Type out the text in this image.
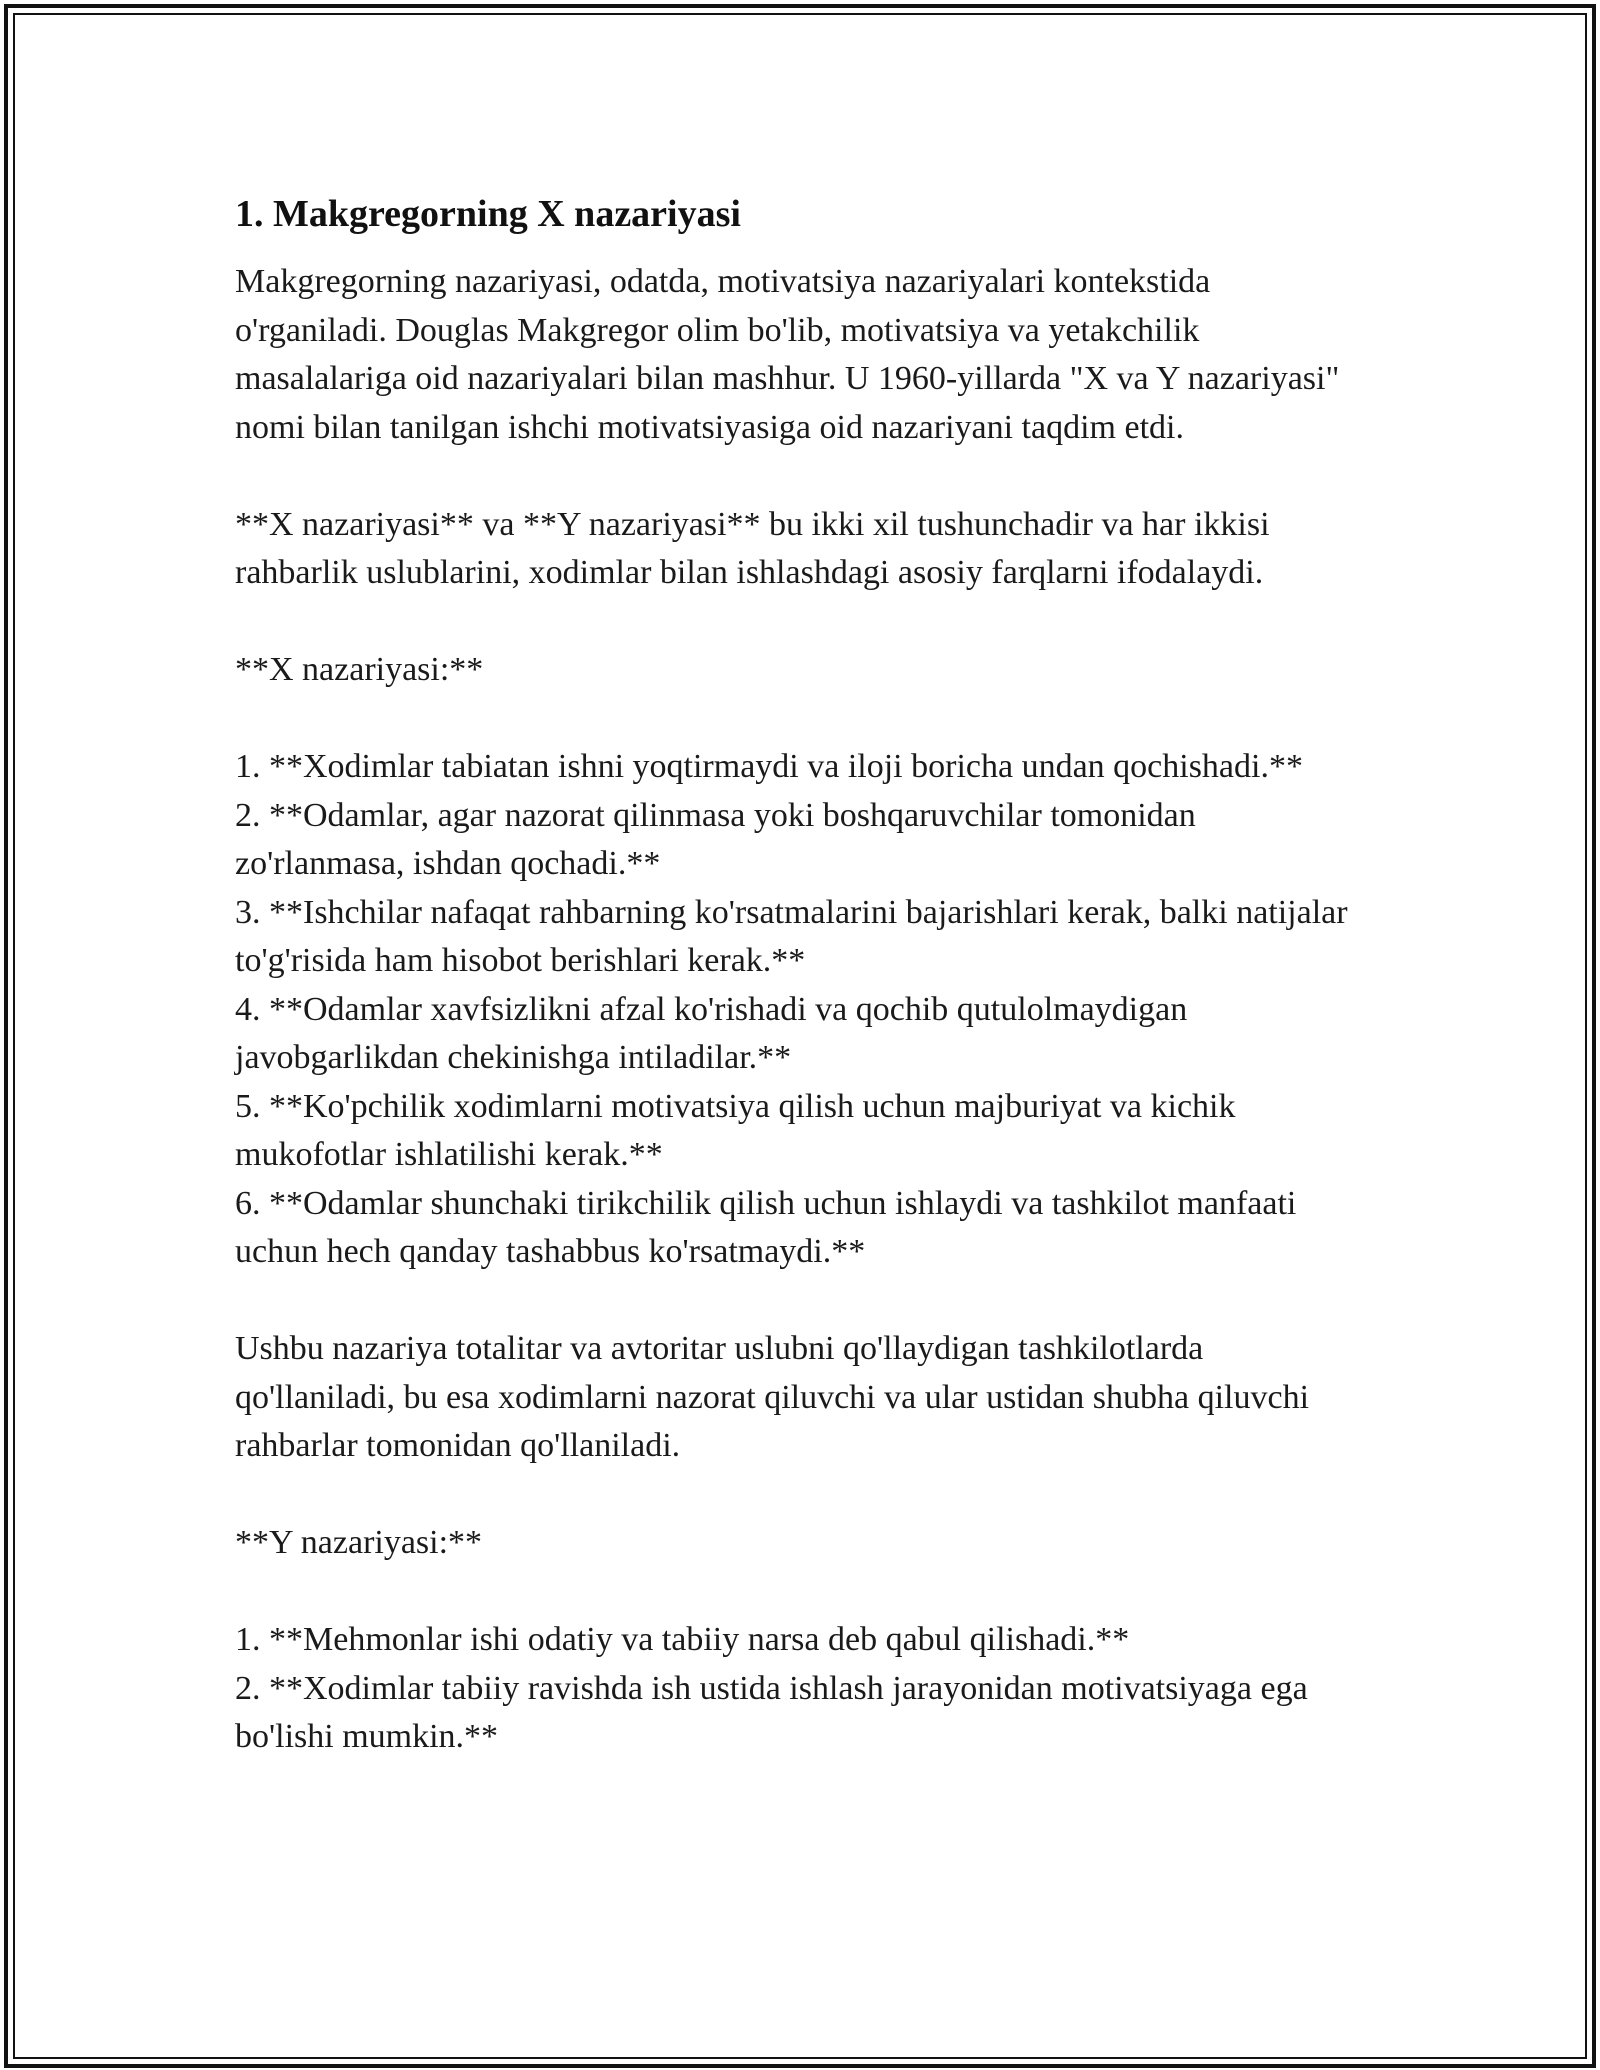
1. Makgregorning X nazariyasi

Makgregorning nazariyasi, odatda, motivatsiya nazariyalari kontekstida o'rganiladi. Douglas Makgregor olim bo'lib, motivatsiya va yetakchilik masalalariga oid nazariyalari bilan mashhur. U 1960-yillarda "X va Y nazariyasi" nomi bilan tanilgan ishchi motivatsiyasiga oid nazariyani taqdim etdi.

**X nazariyasi** va **Y nazariyasi** bu ikki xil tushunchadir va har ikkisi rahbarlik uslublarini, xodimlar bilan ishlashdagi asosiy farqlarni ifodalaydi.

**X nazariyasi:**

1. **Xodimlar tabiatan ishni yoqtirmaydi va iloji boricha undan qochishadi.**
2. **Odamlar, agar nazorat qilinmasa yoki boshqaruvchilar tomonidan zo'rlanmasa, ishdan qochadi.**
3. **Ishchilar nafaqat rahbarning ko'rsatmalarini bajarishlari kerak, balki natijalar to'g'risida ham hisobot berishlari kerak.**
4. **Odamlar xavfsizlikni afzal ko'rishadi va qochib qutulolmaydigan javobgarlikdan chekinishga intiladilar.**
5. **Ko'pchilik xodimlarni motivatsiya qilish uchun majburiyat va kichik mukofotlar ishlatilishi kerak.**
6. **Odamlar shunchaki tirikchilik qilish uchun ishlaydi va tashkilot manfaati uchun hech qanday tashabbus ko'rsatmaydi.**

Ushbu nazariya totalitar va avtoritar uslubni qo'llaydigan tashkilotlarda qo'llaniladi, bu esa xodimlarni nazorat qiluvchi va ular ustidan shubha qiluvchi rahbarlar tomonidan qo'llaniladi.

**Y nazariyasi:**

1. **Mehmonlar ishi odatiy va tabiiy narsa deb qabul qilishadi.**
2. **Xodimlar tabiiy ravishda ish ustida ishlash jarayonidan motivatsiyaga ega bo'lishi mumkin.**
